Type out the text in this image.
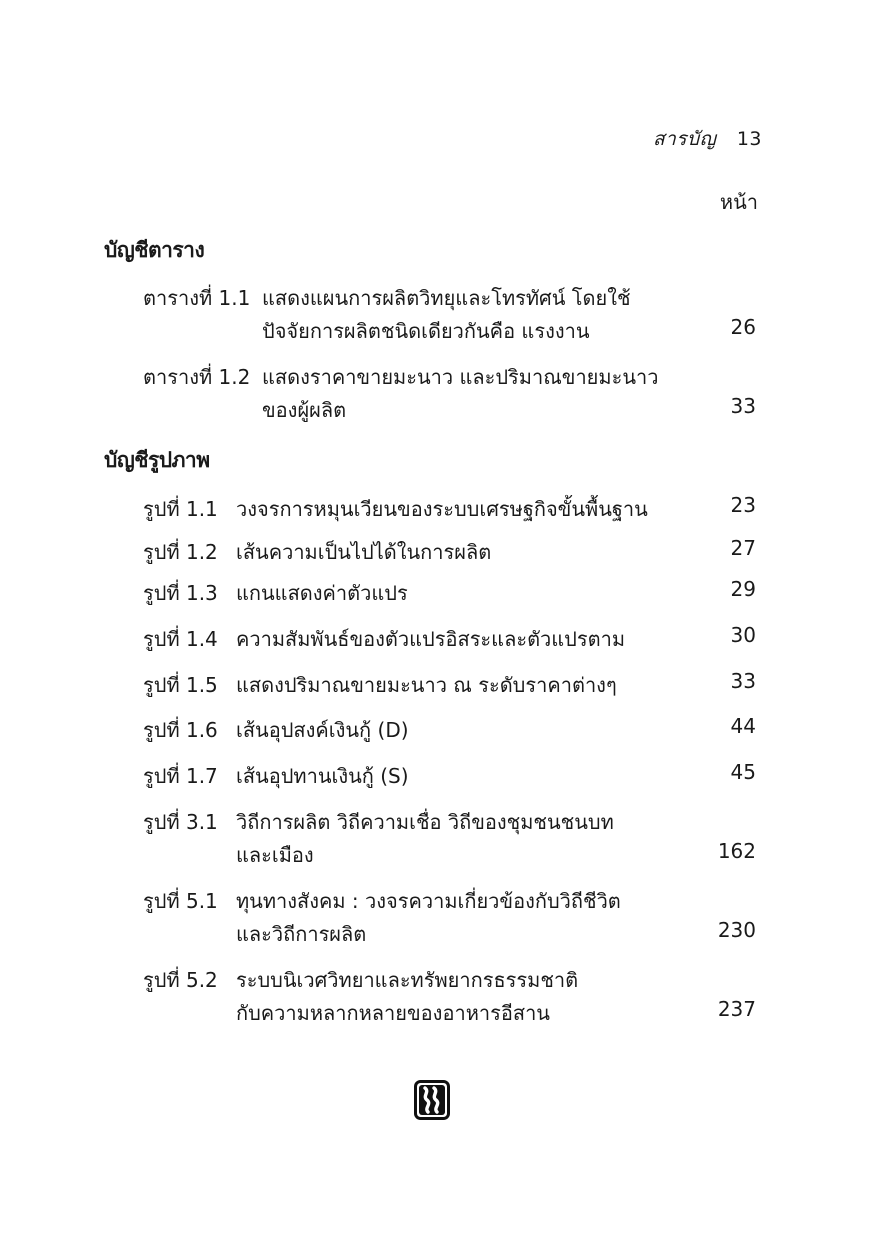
สารบัญ 13
หน้า
บัญชีตาราง
ตารางที่ 1.1 แสดงแผนการผลิตวิทยุและโทรทัศน์ โดยใช้
ปัจจัยการผลิตชนิดเดียวกันคือ แรงงาน	26
ตารางที่ 1.2 แสดงราคาขายมะนาว และปริมาณขายมะนาว
ของผู้ผลิต	33
บัญชีรูปภาพ
รูปที่ 1.1 วงจรการหมุนเวียนของระบบเศรษฐกิจขั้นพื้นฐาน	23
รูปที่ 1.2 เส้นความเป็นไปได้ในการผลิต	27
รูปที่ 1.3 แกนแสดงค่าตัวแปร	29
รูปที่ 1.4 ความสัมพันธ์ของตัวแปรอิสระและตัวแปรตาม	30
รูปที่ 1.5 แสดงปริมาณขายมะนาว ณ ระดับราคาต่างๆ	33
รูปที่ 1.6 เส้นอุปสงค์เงินกู้ (D)	44
รูปที่ 1.7 เส้นอุปทานเงินกู้ (S)	45
รูปที่ 3.1 วิถีการผลิต วิถีความเชื่อ วิถีของชุมชนชนบท
และเมือง	162
รูปที่ 5.1 ทุนทางสังคม : วงจรความเกี่ยวข้องกับวิถีชีวิต
และวิถีการผลิต	230
รูปที่ 5.2 ระบบนิเวศวิทยาและทรัพยากรธรรมชาติ
กับความหลากหลายของอาหารอีสาน	237
